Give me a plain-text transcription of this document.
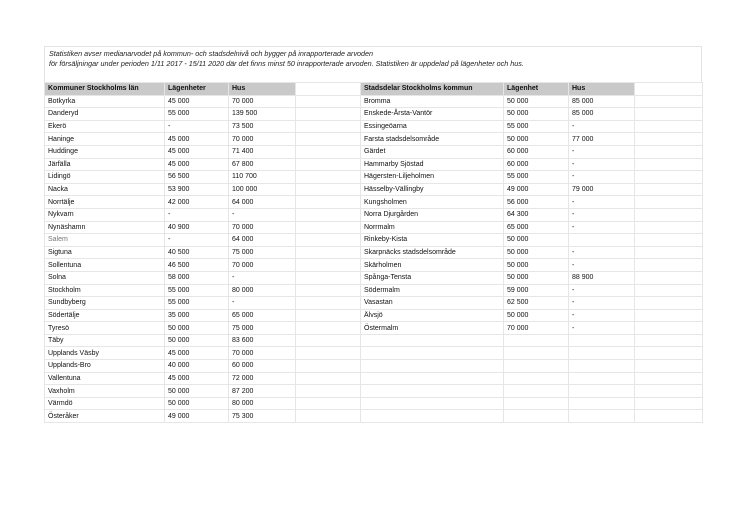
Statistiken avser medianarvodet på kommun- och stadsdelnivå och bygger på inrapporterade arvoden
för försäljningar under perioden 1/11 2017 - 15/11 2020 där det finns minst 50 inrapporterade arvoden. Statistiken är uppdelad på lägenheter och hus.
Kommuner Stockholms län	Lägenheter	Hus		Stadsdelar Stockholms kommun	Lägenhet	Hus	
Botkyrka	45 000	70 000		Bromma	50 000	85 000	
Danderyd	55 000	139 500		Enskede-Årsta-Vantör	50 000	85 000	
Ekerö	-	73 500		Essingeöarna	55 000	-	
Haninge	45 000	70 000		Farsta stadsdelsområde	50 000	77 000	
Huddinge	45 000	71 400		Gärdet	60 000	-	
Järfälla	45 000	67 800		Hammarby Sjöstad	60 000	-	
Lidingö	56 500	110 700		Hägersten-Liljeholmen	55 000	-	
Nacka	53 900	100 000		Hässelby-Vällingby	49 000	79 000	
Norrtälje	42 000	64 000		Kungsholmen	56 000	-	
Nykvarn	-	-		Norra Djurgården	64 300	-	
Nynäshamn	40 900	70 000		Norrmalm	65 000	-	
Salem	-	64 000		Rinkeby-Kista	50 000		
Sigtuna	40 500	75 000		Skarpnäcks stadsdelsområde	50 000	-	
Sollentuna	46 500	70 000		Skärholmen	50 000	-	
Solna	58 000	-		Spånga-Tensta	50 000	88 900	
Stockholm	55 000	80 000		Södermalm	59 000	-	
Sundbyberg	55 000	-		Vasastan	62 500	-	
Södertälje	35 000	65 000		Älvsjö	50 000	-	
Tyresö	50 000	75 000		Östermalm	70 000	-	
Täby	50 000	83 600					
Upplands Väsby	45 000	70 000					
Upplands-Bro	40 000	60 000					
Vallentuna	45 000	72 000					
Vaxholm	50 000	87 200					
Värmdö	50 000	80 000					
Österåker	49 000	75 300					
